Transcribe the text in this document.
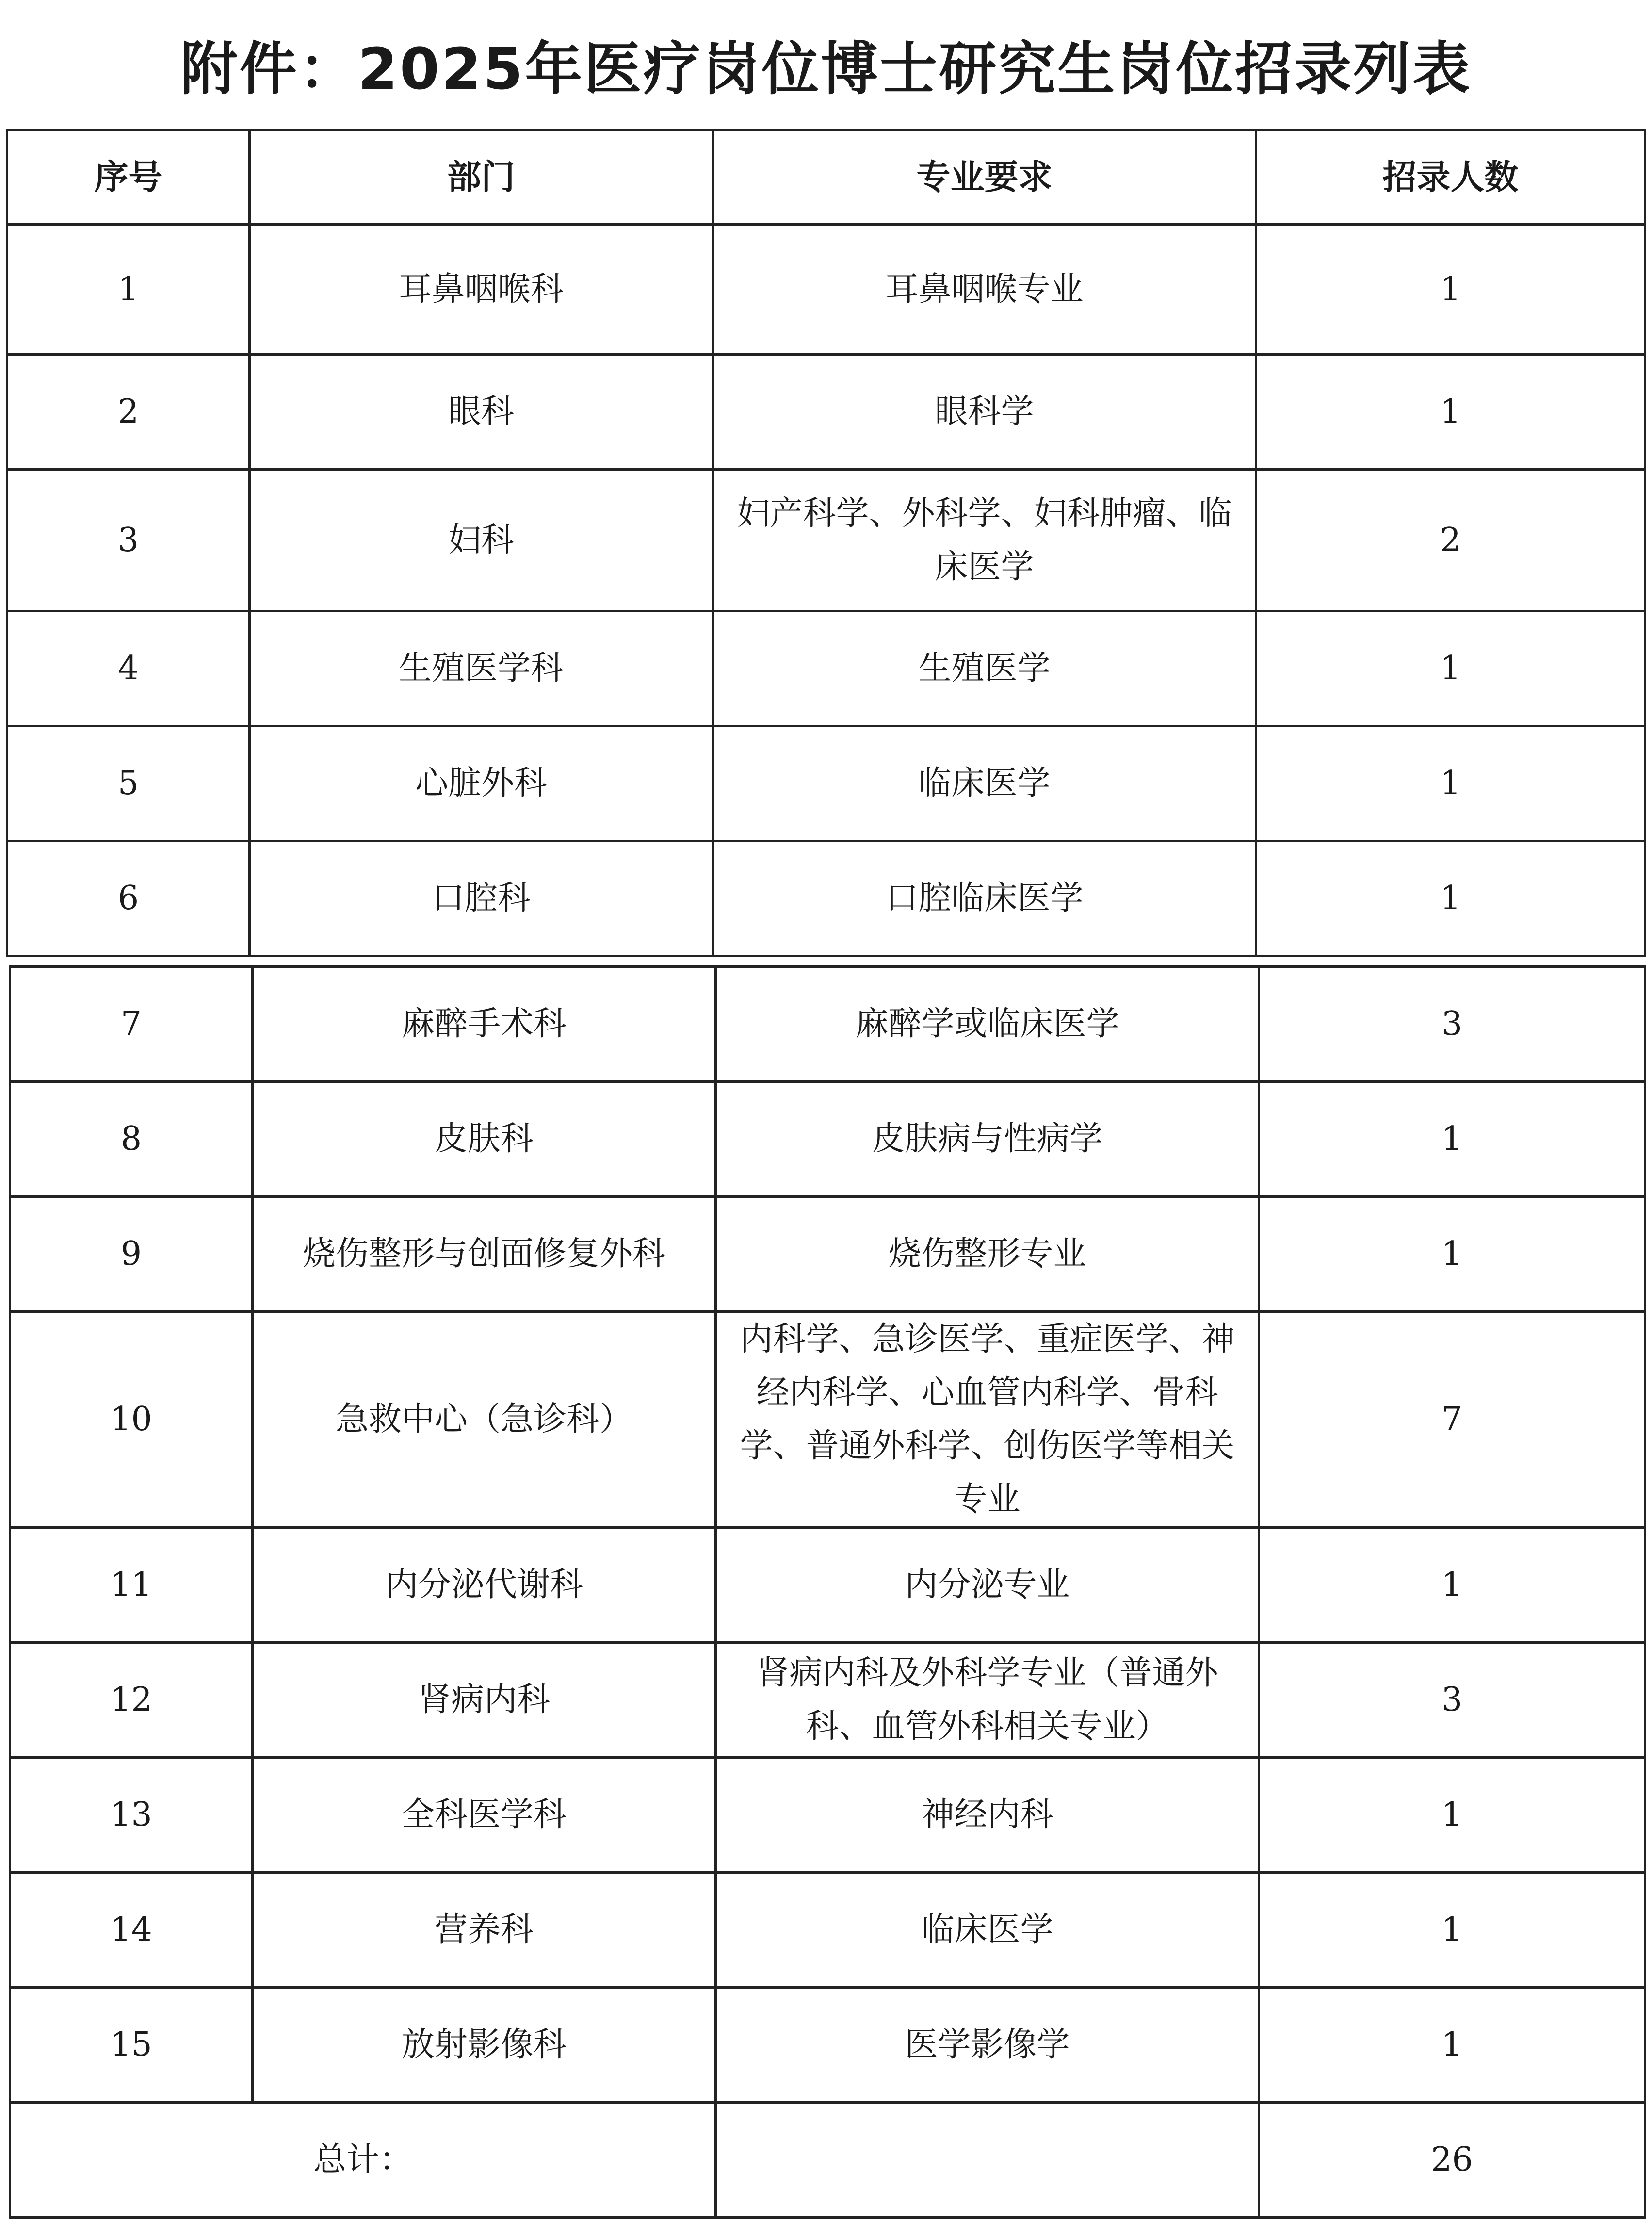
附件：2025年医疗岗位博士研究生岗位招录列表
序号	部门	专业要求	招录人数
1	耳鼻咽喉科	耳鼻咽喉专业	1
2	眼科	眼科学	1
3	妇科	妇产科学、外科学、妇科肿瘤、临床医学	2
4	生殖医学科	生殖医学	1
5	心脏外科	临床医学	1
6	口腔科	口腔临床医学	1
7	麻醉手术科	麻醉学或临床医学	3
8	皮肤科	皮肤病与性病学	1
9	烧伤整形与创面修复外科	烧伤整形专业	1
10	急救中心（急诊科）	内科学、急诊医学、重症医学、神经内科学、心血管内科学、骨科学、普通外科学、创伤医学等相关专业	7
11	内分泌代谢科	内分泌专业	1
12	肾病内科	肾病内科及外科学专业（普通外科、血管外科相关专业）	3
13	全科医学科	神经内科	1
14	营养科	临床医学	1
15	放射影像科	医学影像学	1
总计：			26
